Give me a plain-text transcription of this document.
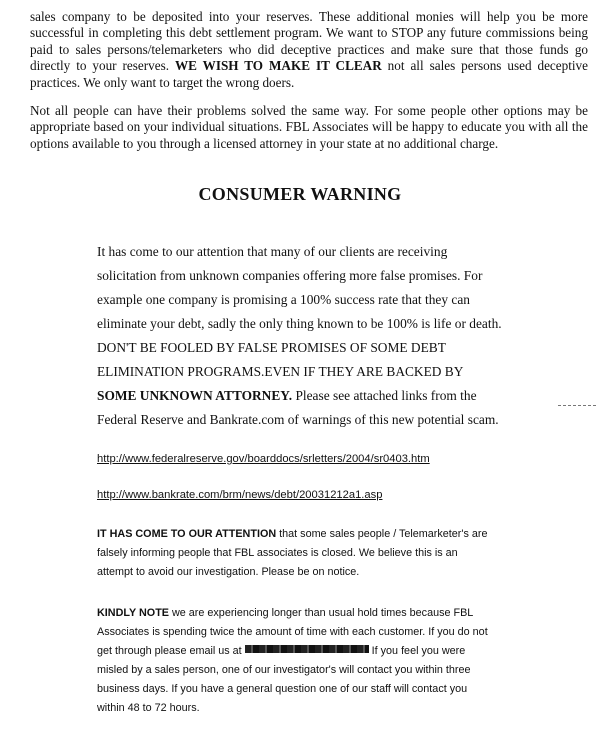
sales company to be deposited into your reserves. These additional monies will help you be more successful in completing this debt settlement program. We want to STOP any future commissions being paid to sales persons/telemarketers who did deceptive practices and make sure that those funds go directly to your reserves. WE WISH TO MAKE IT CLEAR not all sales persons used deceptive practices. We only want to target the wrong doers.

Not all people can have their problems solved the same way. For some people other options may be appropriate based on your individual situations. FBL Associates will be happy to educate you with all the options available to you through a licensed attorney in your state at no additional charge.

CONSUMER WARNING

It has come to our attention that many of our clients are receiving

solicitation from unknown companies offering more false promises. For

example one company is promising a 100% success rate that they can

eliminate your debt, sadly the only thing known to be 100% is life or death.

DON'T BE FOOLED BY FALSE PROMISES OF SOME DEBT

ELIMINATION PROGRAMS.EVEN IF THEY ARE BACKED BY

SOME UNKNOWN ATTORNEY. Please see attached links from the

Federal Reserve and Bankrate.com of warnings of this new potential scam.

http://www.federalreserve.gov/boarddocs/srletters/2004/sr0403.htm
http://www.bankrate.com/brm/news/debt/20031212a1.asp

IT HAS COME TO OUR ATTENTION that some sales people / Telemarketer's are
falsely informing people that FBL associates is closed. We believe this is an
attempt to avoid our investigation. Please be on notice.

KINDLY NOTE we are experiencing longer than usual hold times because FBL
Associates is spending twice the amount of time with each customer. If you do not
get through please email us at	If you feel you were
misled by a sales person, one of our investigator's will contact you within three
business days. If you have a general question one of our staff will contact you
within 48 to 72 hours.
